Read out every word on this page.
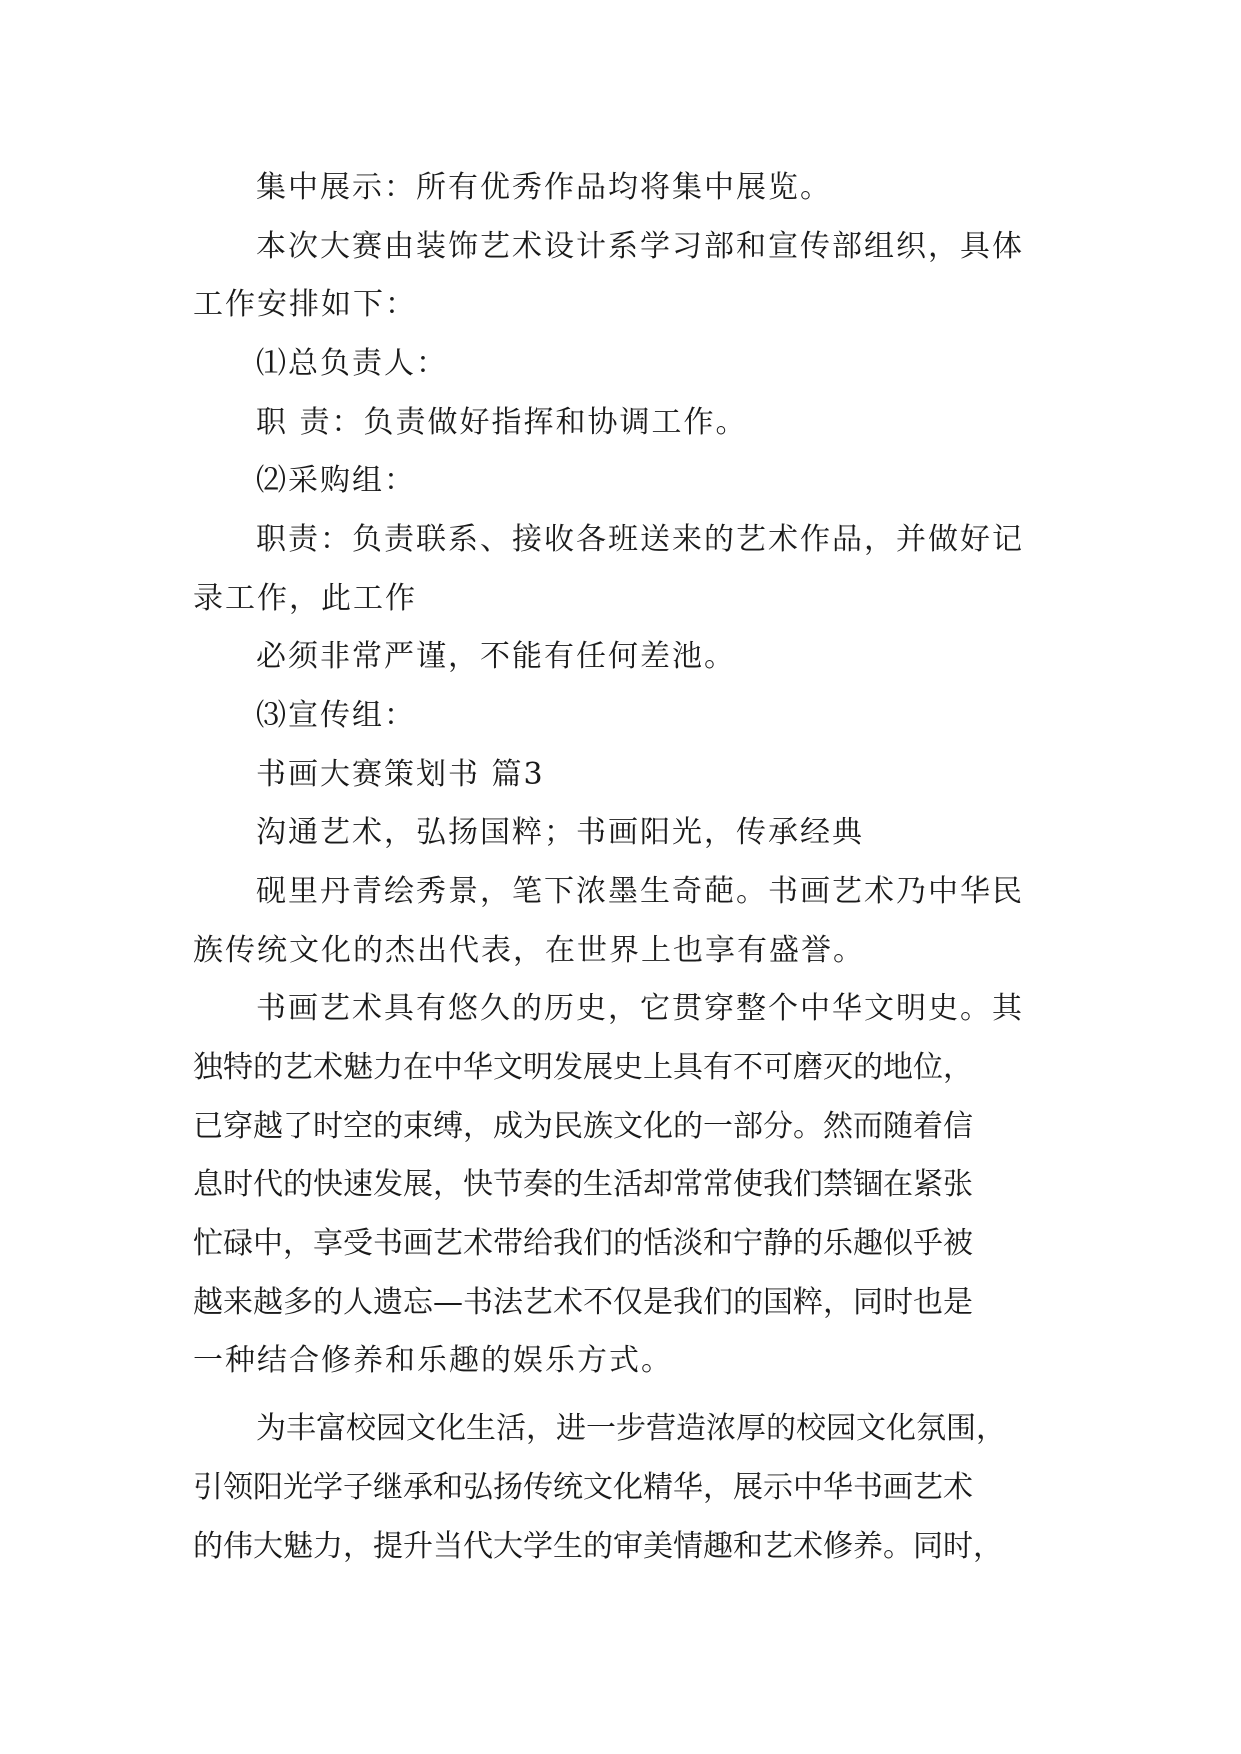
集中展示：所有优秀作品均将集中展览。

本次大赛由装饰艺术设计系学习部和宣传部组织，具体

工作安排如下：

⑴总负责人：

职 责：负责做好指挥和协调工作。

⑵采购组：

职责：负责联系、接收各班送来的艺术作品，并做好记

录工作，此工作

必须非常严谨，不能有任何差池。

⑶宣传组：

书画大赛策划书 篇3

沟通艺术，弘扬国粹；书画阳光，传承经典

砚里丹青绘秀景，笔下浓墨生奇葩。书画艺术乃中华民

族传统文化的杰出代表，在世界上也享有盛誉。

书画艺术具有悠久的历史，它贯穿整个中华文明史。其

独特的艺术魅力在中华文明发展史上具有不可磨灭的地位，

已穿越了时空的束缚，成为民族文化的一部分。然而随着信

息时代的快速发展，快节奏的生活却常常使我们禁锢在紧张

忙碌中，享受书画艺术带给我们的恬淡和宁静的乐趣似乎被

越来越多的人遗忘—书法艺术不仅是我们的国粹，同时也是

一种结合修养和乐趣的娱乐方式。

为丰富校园文化生活，进一步营造浓厚的校园文化氛围，

引领阳光学子继承和弘扬传统文化精华，展示中华书画艺术

的伟大魅力，提升当代大学生的审美情趣和艺术修养。同时，
